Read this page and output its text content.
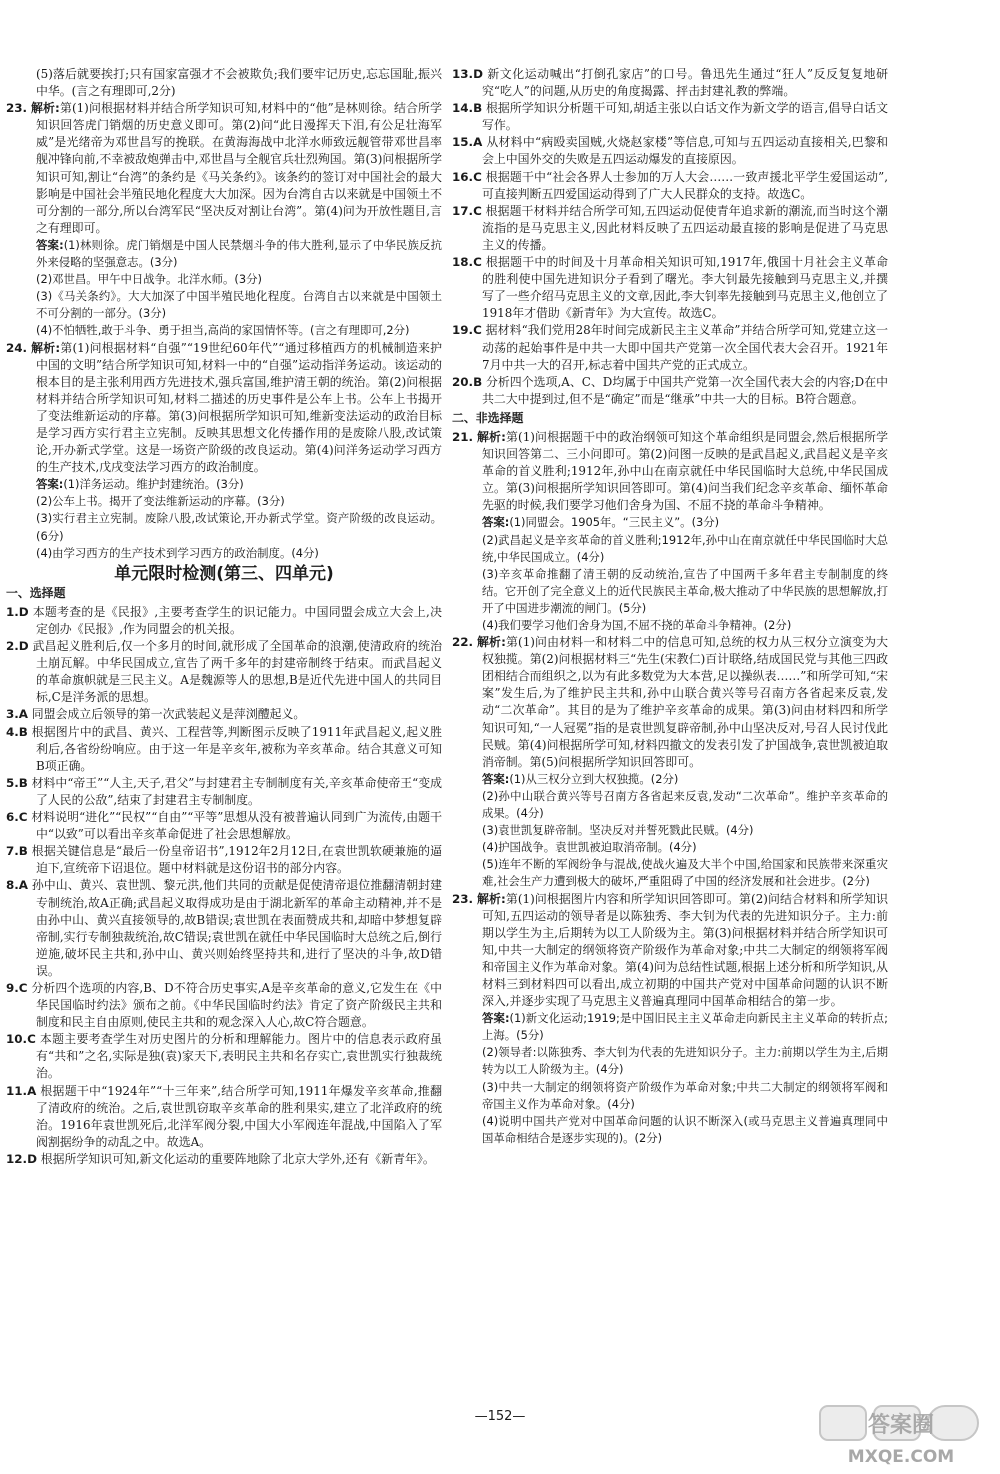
(5)落后就要挨打;只有国家富强才不会被欺负;我们要牢记历史,忘忘国耻,振兴中华。(言之有理即可,2分)

23. 解析:第(1)问根据材料并结合所学知识可知,材料中的“他”是林则徐。结合所学知识回答虎门销烟的历史意义即可。第(2)问“此日漫挥天下泪,有公足壮海军威”是光绪帝为邓世昌写的挽联。在黄海海战中北洋水师致远舰管带邓世昌率舰冲锋向前,不幸被敌炮弹击中,邓世昌与全舰官兵壮烈殉国。第(3)问根据所学知识可知,割让“台湾”的条约是《马关条约》。该条约的签订对中国社会的最大影响是中国社会半殖民地化程度大大加深。因为台湾自古以来就是中国领土不可分割的一部分,所以台湾军民“坚决反对割让台湾”。第(4)问为开放性题目,言之有理即可。

答案:(1)林则徐。虎门销烟是中国人民禁烟斗争的伟大胜利,显示了中华民族反抗外来侵略的坚强意志。(3分)

(2)邓世昌。甲午中日战争。北洋水师。(3分)

(3)《马关条约》。大大加深了中国半殖民地化程度。台湾自古以来就是中国领土不可分割的一部分。(3分)

(4)不怕牺牲,敢于斗争、勇于担当,高尚的家国情怀等。(言之有理即可,2分)

24. 解析:第(1)问根据材料“自强”“19世纪60年代”“通过移植西方的机械制造来护中国的文明”结合所学知识可知,材料一中的“自强”运动指洋务运动。该运动的根本目的是主张利用西方先进技术,强兵富国,维护清王朝的统治。第(2)问根据材料并结合所学知识可知,材料二描述的历史事件是公车上书。公车上书揭开了变法维新运动的序幕。第(3)问根据所学知识可知,维新变法运动的政治目标是学习西方实行君主立宪制。反映其思想文化传播作用的是废除八股,改试策论,开办新式学堂。这是一场资产阶级的改良运动。第(4)问洋务运动学习西方的生产技术,戊戌变法学习西方的政治制度。

答案:(1)洋务运动。维护封建统治。(3分)

(2)公车上书。揭开了变法维新运动的序幕。(3分)

(3)实行君主立宪制。废除八股,改试策论,开办新式学堂。资产阶级的改良运动。(6分)

(4)由学习西方的生产技术到学习西方的政治制度。(4分)

单元限时检测(第三、四单元)
一、选择题

1.D 本题考查的是《民报》,主要考查学生的识记能力。中国同盟会成立大会上,决定创办《民报》,作为同盟会的机关报。

2.D 武昌起义胜利后,仅一个多月的时间,就形成了全国革命的浪潮,使清政府的统治土崩瓦解。中华民国成立,宣告了两千多年的封建帝制终于结束。而武昌起义的革命旗帜就是三民主义。A是魏源等人的思想,B是近代先进中国人的共同目标,C是洋务派的思想。

3.A 同盟会成立后领导的第一次武装起义是萍浏醴起义。

4.B 根据图片中的武昌、黄兴、工程营等,判断图示反映了1911年武昌起义,起义胜利后,各省纷纷响应。由于这一年是辛亥年,被称为辛亥革命。结合其意义可知B项正确。

5.B 材料中“帝王”“人主,天子,君父”与封建君主专制制度有关,辛亥革命使帝王“变成了人民的公敌”,结束了封建君主专制制度。

6.C 材料说明“进化”“民权”“自由”“平等”思想从没有被普遍认同到广为流传,由题干中“以致”可以看出辛亥革命促进了社会思想解放。

7.B 根据关键信息是“最后一份皇帝诏书”,1912年2月12日,在袁世凯软硬兼施的逼迫下,宣统帝下诏退位。题中材料就是这份诏书的部分内容。

8.A 孙中山、黄兴、袁世凯、黎元洪,他们共同的贡献是促使清帝退位推翻清朝封建专制统治,故A正确;武昌起义取得成功是由于湖北新军的革命主动精神,并不是由孙中山、黄兴直接领导的,故B错误;袁世凯在表面赞成共和,却暗中梦想复辟帝制,实行专制独裁统治,故C错误;袁世凯在就任中华民国临时大总统之后,倒行逆施,破坏民主共和,孙中山、黄兴则始终坚持共和,进行了坚决的斗争,故D错误。

9.C 分析四个选项的内容,B、D不符合历史事实,A是辛亥革命的意义,它发生在《中华民国临时约法》颁布之前。《中华民国临时约法》肯定了资产阶级民主共和制度和民主自由原则,使民主共和的观念深入人心,故C符合题意。

10.C 本题主要考查学生对历史图片的分析和理解能力。图片中的信息表示政府虽有“共和”之名,实际是独(袁)家天下,表明民主共和名存实亡,袁世凯实行独裁统治。

11.A 根据题干中“1924年”“十三年来”,结合所学可知,1911年爆发辛亥革命,推翻了清政府的统治。之后,袁世凯窃取辛亥革命的胜利果实,建立了北洋政府的统治。1916年袁世凯死后,北洋军阀分裂,中国大小军阀连年混战,中国陷入了军阀割据纷争的动乱之中。故选A。

12.D 根据所学知识可知,新文化运动的重要阵地除了北京大学外,还有《新青年》。

13.D 新文化运动喊出“打倒孔家店”的口号。鲁迅先生通过“狂人”反反复复地研究“吃人”的问题,从历史的角度揭露、抨击封建礼教的弊端。

14.B 根据所学知识分析题干可知,胡适主张以白话文作为新文学的语言,倡导白话文写作。

15.A 从材料中“病殴卖国贼,火烧赵家楼”等信息,可知与五四运动直接相关,巴黎和会上中国外交的失败是五四运动爆发的直接原因。

16.C 根据题干中“社会各界人士参加的万人大会……一致声援北平学生爱国运动”,可直接判断五四爱国运动得到了广大人民群众的支持。故选C。

17.C 根据题干材料并结合所学可知,五四运动促使青年追求新的潮流,而当时这个潮流指的是马克思主义,因此材料反映了五四运动最直接的影响是促进了马克思主义的传播。

18.C 根据题干中的时间及十月革命相关知识可知,1917年,俄国十月社会主义革命的胜利使中国先进知识分子看到了曙光。李大钊最先接触到马克思主义,并撰写了一些介绍马克思主义的文章,因此,李大钊率先接触到马克思主义,他创立了1918年才借助《新青年》为大宣传。故选C。

19.C 据材料“我们党用28年时间完成新民主主义革命”并结合所学可知,党建立这一动荡的起始事件是中共一大即中国共产党第一次全国代表大会召开。1921年7月中共一大的召开,标志着中国共产党的正式成立。

20.B 分析四个选项,A、C、D均属于中国共产党第一次全国代表大会的内容;D在中共二大中提到过,但不是“确定”而是“继承”中共一大的目标。B符合题意。

二、非选择题

21. 解析:第(1)问根据题干中的政治纲领可知这个革命组织是同盟会,然后根据所学知识回答第二、三小问即可。第(2)问图一反映的是武昌起义,武昌起义是辛亥革命的首义胜利;1912年,孙中山在南京就任中华民国临时大总统,中华民国成立。第(3)问根据所学知识回答即可。第(4)问当我们纪念辛亥革命、缅怀革命先驱的时候,我们要学习他们舍身为国、不屈不挠的革命斗争精神。

答案:(1)同盟会。1905年。“三民主义”。(3分)

(2)武昌起义是辛亥革命的首义胜利;1912年,孙中山在南京就任中华民国临时大总统,中华民国成立。(4分)

(3)辛亥革命推翻了清王朝的反动统治,宣告了中国两千多年君主专制制度的终结。它开创了完全意义上的近代民族民主革命,极大推动了中华民族的思想解放,打开了中国进步潮流的闸门。(5分)

(4)我们要学习他们舍身为国,不屈不挠的革命斗争精神。(2分)

22. 解析:第(1)问由材料一和材料二中的信息可知,总统的权力从三权分立演变为大权独揽。第(2)问根据材料三“先生(宋教仁)百计联络,结成国民党与其他三四政团相结合而组织之,以为有此多数党为大本营,足以操纵表……”和所学可知,“宋案”发生后,为了维护民主共和,孙中山联合黄兴等号召南方各省起来反袁,发动“二次革命”。其目的是为了维护辛亥革命的成果。第(3)问由材料四和所学知识可知,“一人冠冕”指的是袁世凯复辟帝制,孙中山坚决反对,号召人民讨伐此民贼。第(4)问根据所学可知,材料四撤文的发表引发了护国战争,袁世凯被迫取消帝制。第(5)问根据所学知识回答即可。

答案:(1)从三权分立到大权独揽。(2分)

(2)孙中山联合黄兴等号召南方各省起来反袁,发动“二次革命”。维护辛亥革命的成果。(4分)

(3)袁世凯复辟帝制。坚决反对并誓死戮此民贼。(4分)

(4)护国战争。袁世凯被迫取消帝制。(4分)

(5)连年不断的军阀纷争与混战,使战火遍及大半个中国,给国家和民族带来深重灾难,社会生产力遭到极大的破坏,严重阻碍了中国的经济发展和社会进步。(2分)

23. 解析:第(1)问根据图片内容和所学知识回答即可。第(2)问结合材料和所学知识可知,五四运动的领导者是以陈独秀、李大钊为代表的先进知识分子。主力:前期以学生为主,后期转为以工人阶级为主。第(3)问根据材料并结合所学知识可知,中共一大制定的纲领将资产阶级作为革命对象;中共二大制定的纲领将军阀和帝国主义作为革命对象。第(4)问为总结性试题,根据上述分析和所学知识,从材料三到材料四可以看出,成立初期的中国共产党对中国革命问题的认识不断深入,并逐步实现了马克思主义普遍真理同中国革命相结合的第一步。

答案:(1)新文化运动;1919;是中国旧民主主义革命走向新民主主义革命的转折点;上海。(5分)

(2)领导者:以陈独秀、李大钊为代表的先进知识分子。主力:前期以学生为主,后期转为以工人阶级为主。(4分)

(3)中共一大制定的纲领将资产阶级作为革命对象;中共二大制定的纲领将军阀和帝国主义作为革命对象。(4分)

(4)说明中国共产党对中国革命问题的认识不断深入(或马克思主义普遍真理同中国革命相结合是逐步实现的)。(2分)

—152—	答案圈
MXQE.COM
